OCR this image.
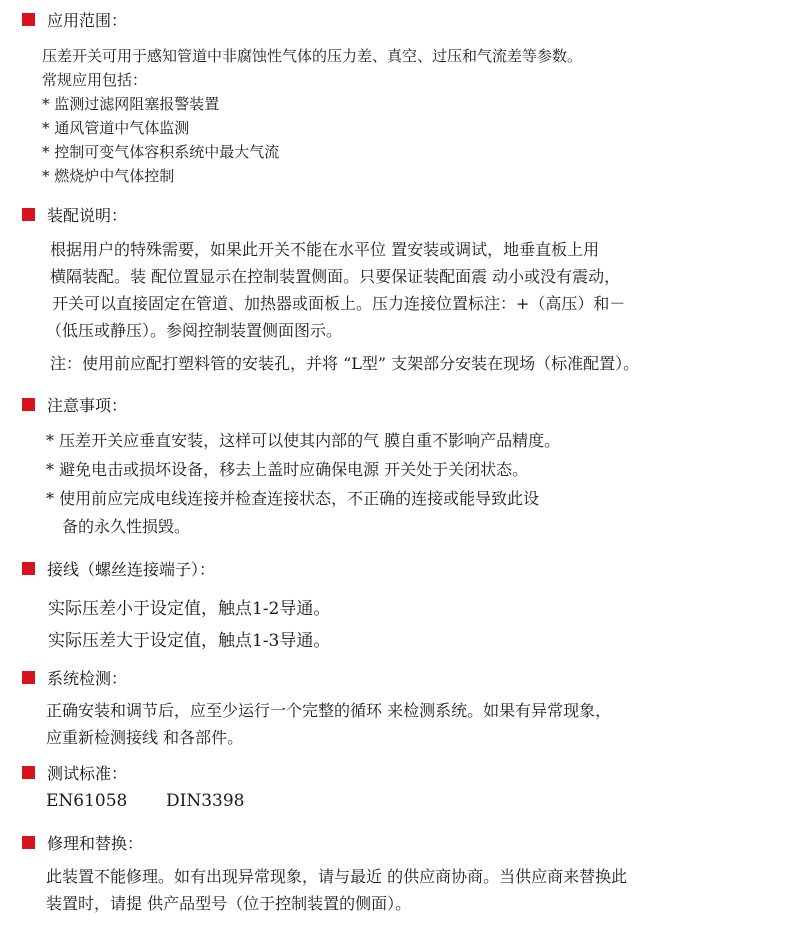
应用范围：
压差开关可用于感知管道中非腐蚀性气体的压力差、真空、过压和气流差等参数。
常规应用包括：
* 监测过滤网阻塞报警装置
* 通风管道中气体监测
* 控制可变气体容积系统中最大气流
* 燃烧炉中气体控制
装配说明：
根据用户的特殊需要，如果此开关不能在水平位 置安装或调试，地垂直板上用
横隔装配。装 配位置显示在控制装置侧面。只要保证装配面震 动小或没有震动，
开关可以直接固定在管道、加热器或面板上。压力连接位置标注：+（高压）和－
（低压或静压）。参阅控制装置侧面图示。
注：使用前应配打塑料管的安装孔，并将 “L型” 支架部分安装在现场（标准配置）。
注意事项：
* 压差开关应垂直安装，这样可以使其内部的气 膜自重不影响产品精度。
* 避免电击或损坏设备，移去上盖时应确保电源 开关处于关闭状态。
* 使用前应完成电线连接并检查连接状态，不正确的连接或能导致此设
备的永久性损毁。
接线（螺丝连接端子）：
实际压差小于设定值，触点1-2导通。
实际压差大于设定值，触点1-3导通。
系统检测：
正确安装和调节后，应至少运行一个完整的循环 来检测系统。如果有异常现象，
应重新检测接线 和各部件。
测试标准：
EN61058 DIN3398
修理和替换：
此装置不能修理。如有出现异常现象，请与最近 的供应商协商。当供应商来替换此
装置时，请提 供产品型号（位于控制装置的侧面）。
